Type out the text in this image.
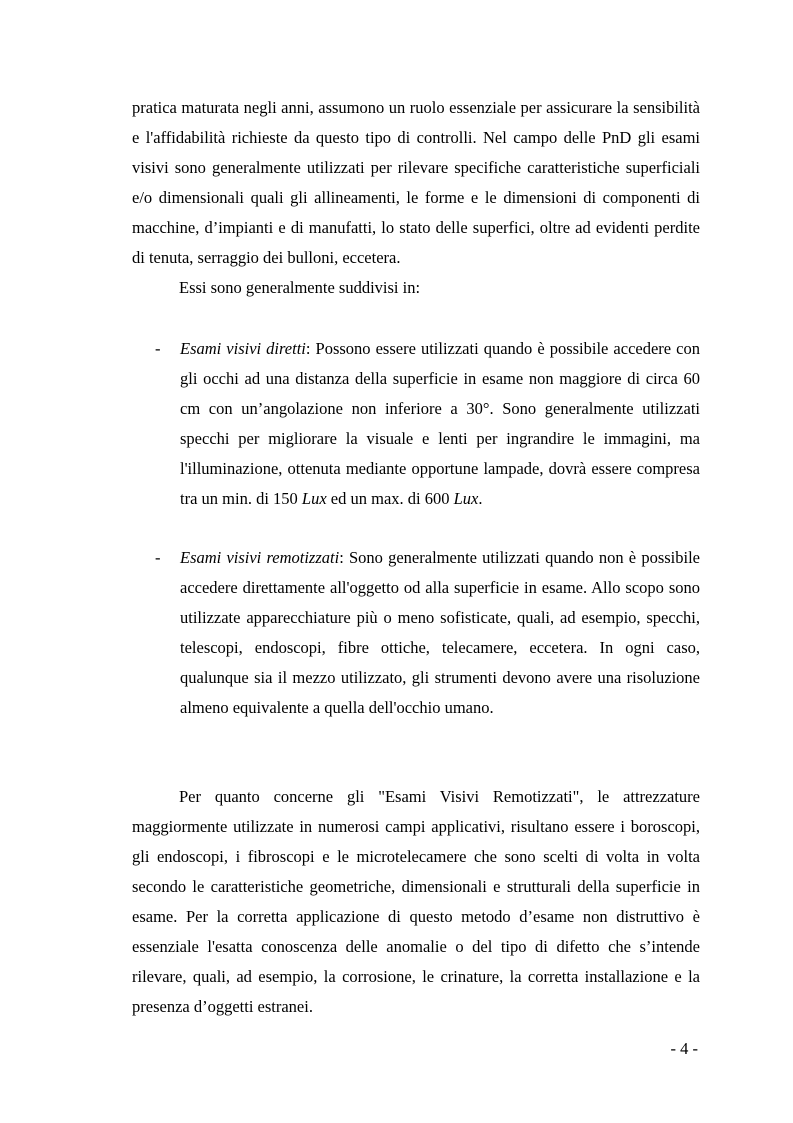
pratica maturata negli anni, assumono un ruolo essenziale per assicurare la sensibilità e l'affidabilità richieste da questo tipo di controlli. Nel campo delle PnD gli esami visivi sono generalmente utilizzati per rilevare specifiche caratteristiche superficiali e/o dimensionali quali gli allineamenti, le forme e le dimensioni di componenti di macchine, d’impianti e di manufatti, lo stato delle superfici, oltre ad evidenti perdite di tenuta, serraggio dei bulloni, eccetera.

Essi sono generalmente suddivisi in:

-	Esami visivi diretti: Possono essere utilizzati quando è possibile accedere con gli occhi ad una distanza della superficie in esame non maggiore di circa 60 cm con un’angolazione non inferiore a 30°. Sono generalmente utilizzati specchi per migliorare la visuale e lenti per ingrandire le immagini, ma l'illuminazione, ottenuta mediante opportune lampade, dovrà essere compresa tra un min. di 150 Lux ed un max. di 600 Lux.
-	Esami visivi remotizzati: Sono generalmente utilizzati quando non è possibile accedere direttamente all'oggetto od alla superficie in esame. Allo scopo sono utilizzate apparecchiature più o meno sofisticate, quali, ad esempio, specchi, telescopi, endoscopi, fibre ottiche, telecamere, eccetera. In ogni caso, qualunque sia il mezzo utilizzato, gli strumenti devono avere una risoluzione almeno equivalente a quella dell'occhio umano.

Per quanto concerne gli "Esami Visivi Remotizzati", le attrezzature maggiormente utilizzate in numerosi campi applicativi, risultano essere i boroscopi, gli endoscopi, i fibroscopi e le microtelecamere che sono scelti di volta in volta secondo le caratteristiche geometriche, dimensionali e strutturali della superficie in esame. Per la corretta applicazione di questo metodo d’esame non distruttivo è essenziale l'esatta conoscenza delle anomalie o del tipo di difetto che s’intende rilevare, quali, ad esempio, la corrosione, le crinature, la corretta installazione e la presenza d’oggetti estranei.

- 4 -
